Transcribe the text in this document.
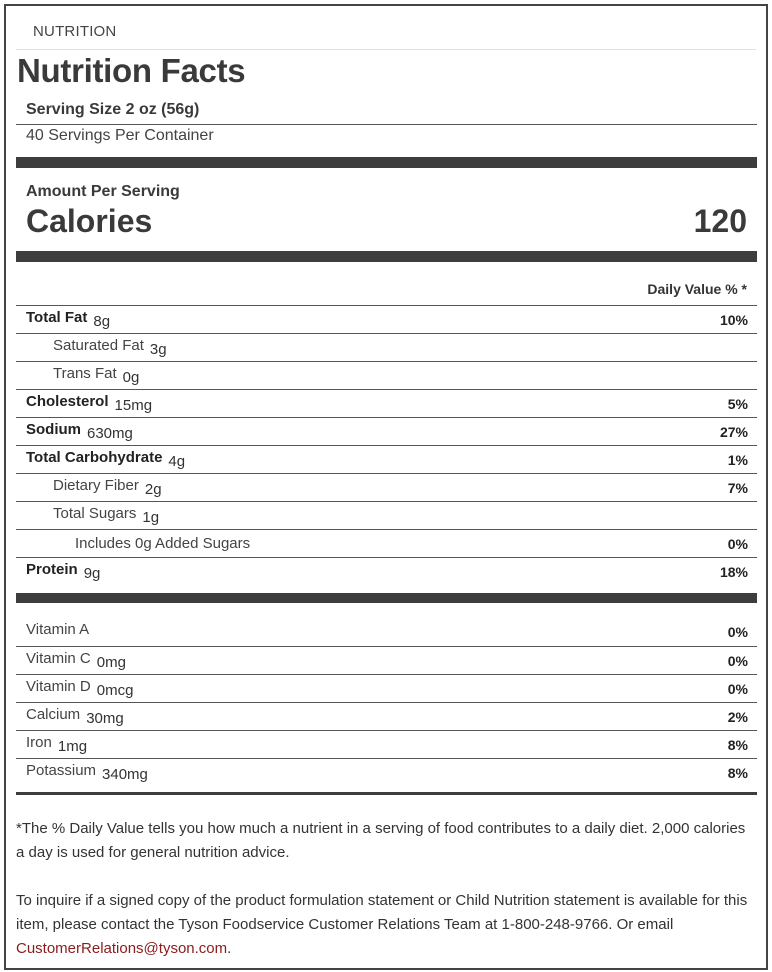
NUTRITION
Nutrition Facts
Serving Size 2 oz (56g)
40 Servings Per Container
Amount Per Serving
Calories	120
Daily Value % *
Total Fat 8g	10%
Saturated Fat 3g
Trans Fat 0g
Cholesterol 15mg	5%
Sodium 630mg	27%
Total Carbohydrate 4g	1%
Dietary Fiber 2g	7%
Total Sugars 1g
Includes 0g Added Sugars	0%
Protein 9g	18%
Vitamin A	0%
Vitamin C 0mg	0%
Vitamin D 0mcg	0%
Calcium 30mg	2%
Iron 1mg	8%
Potassium 340mg	8%
*The % Daily Value tells you how much a nutrient in a serving of food contributes to a daily diet. 2,000 calories a day is used for general nutrition advice.
To inquire if a signed copy of the product formulation statement or Child Nutrition statement is available for this item, please contact the Tyson Foodservice Customer Relations Team at 1-800-248-9766. Or email CustomerRelations@tyson.com.
